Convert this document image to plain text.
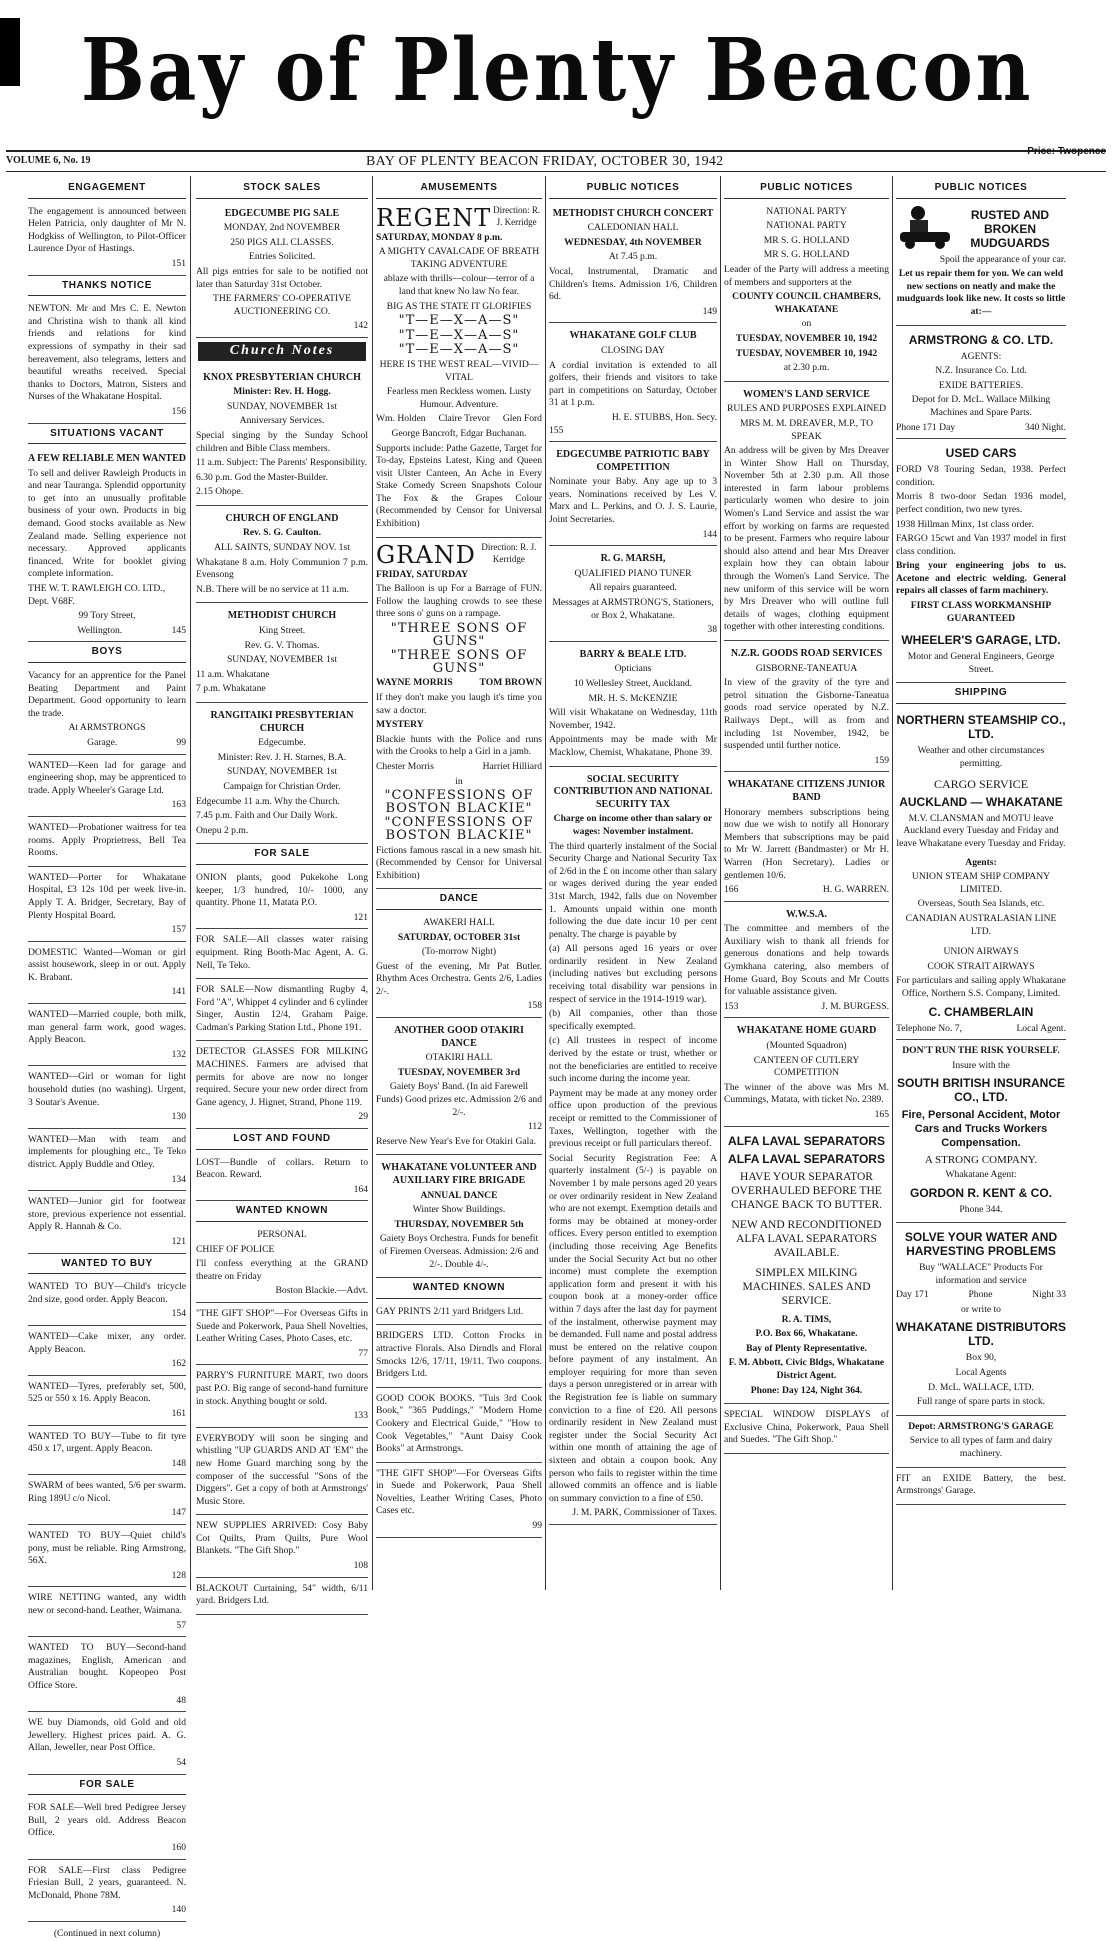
Bay of Plenty Beacon
VOLUME 6, No. 19	BAY OF PLENTY BEACON FRIDAY, OCTOBER 30, 1942
Price: Twopence
ENGAGEMENT

The engagement is announced between Helen Patricia, only daughter of Mr N. Hodgkiss of Wellington, to Pilot-Officer Laurence Dyor of Hastings.

151
THANKS NOTICE

NEWTON. Mr and Mrs C. E. Newton and Christina wish to thank all kind friends and relations for kind expressions of sympathy in their sad bereavement, also telegrams, letters and beautiful wreaths received. Special thanks to Doctors, Matron, Sisters and Nurses of the Whakatane Hospital.

156
SITUATIONS VACANT
A FEW RELIABLE MEN WANTED

To sell and deliver Rawleigh Products in and near Tauranga. Splendid opportunity to get into an unusually profitable business of your own. Products in big demand. Good stocks available as New Zealand made. Selling experience not necessary. Approved applicants financed. Write for booklet giving complete information.

THE W. T. RAWLEIGH CO. LTD., Dept. V68F.
99 Tory Street,
Wellington.	145
BOYS

Vacancy for an apprentice for the Panel Beating Department and Paint Department. Good opportunity to learn the trade.

At ARMSTRONGS
Garage.	99

WANTED—Keen lad for garage and engineering shop, may be apprenticed to trade. Apply Wheeler's Garage Ltd.

163

WANTED—Probationer waitress for tea rooms. Apply Proprietress, Bell Tea Rooms.

WANTED—Porter for Whakatane Hospital, £3 12s 10d per week live-in. Apply T. A. Bridger, Secretary, Bay of Plenty Hospital Board.

157

DOMESTIC Wanted—Woman or girl assist housework, sleep in or out. Apply K. Brabant.

141

WANTED—Married couple, both milk, man general farm work, good wages. Apply Beacon.

132

WANTED—Girl or woman for light household duties (no washing). Urgent, 3 Soutar's Avenue.

130

WANTED—Man with team and implements for ploughing etc., Te Teko district. Apply Buddle and Otley.

134

WANTED—Junior girl for footwear store, previous experience not essential. Apply R. Hannah & Co.

121
WANTED TO BUY

WANTED TO BUY—Child's tricycle 2nd size, good order. Apply Beacon.

154

WANTED—Cake mixer, any order. Apply Beacon.

162

WANTED—Tyres, preferably set, 500, 525 or 550 x 16. Apply Beacon.

161

WANTED TO BUY—Tube to fit tyre 450 x 17, urgent. Apply Beacon.

148

SWARM of bees wanted, 5/6 per swarm. Ring 189U c/o Nicol.

147

WANTED TO BUY—Quiet child's pony, must be reliable. Ring Armstrong, 56X.

128

WIRE NETTING wanted, any width new or second-hand. Leather, Waimana.

57

WANTED TO BUY—Second-hand magazines, English, American and Australian bought. Kopeopeo Post Office Store.

48

WE buy Diamonds, old Gold and old Jewellery. Highest prices paid. A. G. Allan, Jeweller, near Post Office.

54
FOR SALE

FOR SALE—Well bred Pedigree Jersey Bull, 2 years old. Address Beacon Office.

160

FOR SALE—First class Pedigree Friesian Bull, 2 years, guaranteed. N. McDonald, Phone 78M.

140
(Continued in next column)
STOCK SALES
EDGECUMBE PIG SALE
MONDAY, 2nd NOVEMBER
250 PIGS ALL CLASSES.
Entries Solicited.

All pigs entries for sale to be notified not later than Saturday 31st October.

THE FARMERS' CO-OPERATIVE AUCTIONEERING CO.
142
Church Notes
KNOX PRESBYTERIAN CHURCH
Minister: Rev. H. Hogg.
SUNDAY, NOVEMBER 1st
Anniversary Services.

Special singing by the Sunday School children and Bible Class members.

11 a.m. Subject: The Parents' Responsibility.

6.30 p.m. God the Master-Builder.

2.15 Ohope.

CHURCH OF ENGLAND
Rev. S. G. Caulton.
ALL SAINTS, SUNDAY NOV. 1st

Whakatane 8 a.m. Holy Communion 7 p.m. Evensong

N.B. There will be no service at 11 a.m.

METHODIST CHURCH
King Street.
Rev. G. V. Thomas.
SUNDAY, NOVEMBER 1st

11 a.m. Whakatane

7 p.m. Whakatane

RANGITAIKI PRESBYTERIAN CHURCH
Edgecumbe.
Minister: Rev. J. H. Starnes, B.A.
SUNDAY, NOVEMBER 1st
Campaign for Christian Order.

Edgecumbe 11 a.m. Why the Church.

7.45 p.m. Faith and Our Daily Work.

Onepu 2 p.m.

FOR SALE

ONION plants, good Pukekohe Long keeper, 1/3 hundred, 10/- 1000, any quantity. Phone 11, Matata P.O.

121

FOR SALE—All classes water raising equipment. Ring Booth-Mac Agent, A. G. Nell, Te Teko.

FOR SALE—Now dismantling Rugby 4, Ford "A", Whippet 4 cylinder and 6 cylinder Singer, Austin 12/4, Graham Paige. Cadman's Parking Station Ltd., Phone 191.

DETECTOR GLASSES FOR MILKING MACHINES. Farmers are advised that permits for above are now no longer required. Secure your new order direct from Gane agency, J. Hignet, Strand, Phone 119.

29
LOST AND FOUND

LOST—Bundle of collars. Return to Beacon. Reward.

164
WANTED KNOWN
PERSONAL
CHIEF OF POLICE

I'll confess everything at the GRAND theatre on Friday

Boston Blackie.—Advt.

"THE GIFT SHOP"—For Overseas Gifts in Suede and Pokerwork, Paua Shell Novelties, Leather Writing Cases, Photo Cases, etc.

77

PARRY'S FURNITURE MART, two doors past P.O. Big range of second-hand furniture in stock. Anything bought or sold.

133

EVERYBODY will soon be singing and whistling "UP GUARDS AND AT 'EM" the new Home Guard marching song by the composer of the successful "Sons of the Diggers". Get a copy of both at Armstrongs' Music Store.

NEW SUPPLIES ARRIVED: Cosy Baby Cot Quilts, Pram Quilts, Pure Wool Blankets. "The Gift Shop."

108

BLACKOUT Curtaining, 54" width, 6/11 yard. Bridgers Ltd.

AMUSEMENTS
REGENT Direction: R. J. Kerridge
SATURDAY, MONDAY 8 p.m.
A MIGHTY CAVALCADE OF BREATH TAKING ADVENTURE
ablaze with thrills—colour—terror of a land that knew No law No fear.
BIG AS THE STATE IT GLORIFIES
"T—E—X—A—S"
"T—E—X—A—S"
"T—E—X—A—S"
HERE IS THE WEST REAL—VIVID—VITAL
Fearless men Reckless women. Lusty Humour. Adventure.
Wm. Holden Claire Trevor Glen Ford
George Bancroft, Edgar Buchanan.

Supports include: Pathe Gazette, Target for To-day, Epsteins Latest, King and Queen visit Ulster Canteen, An Ache in Every Stake Comedy Screen Snapshots Colour The Fox & the Grapes Colour (Recommended by Censor for Universal Exhibition)

GRAND Direction: R. J. Kerridge
FRIDAY, SATURDAY

The Balloon is up For a Barrage of FUN. Follow the laughing crowds to see these three sons o' guns on a rampage.

"THREE SONS OF GUNS"
"THREE SONS OF GUNS"
WAYNE MORRIS	TOM BROWN

If they don't make you laugh it's time you saw a doctor.

MYSTERY

Blackie hunts with the Police and runs with the Crooks to help a Girl in a jamb.

Chester Morris	Harriet Hilliard
in
"CONFESSIONS OF BOSTON BLACKIE"
"CONFESSIONS OF BOSTON BLACKIE"

Fictions famous rascal in a new smash hit. (Recommended by Censor for Universal Exhibition)

DANCE
AWAKERI HALL
SATURDAY, OCTOBER 31st
(To-morrow Night)

Guest of the evening, Mr Pat Butler. Rhythm Aces Orchestra. Gents 2/6, Ladies 2/-.

158
ANOTHER GOOD OTAKIRI DANCE
OTAKIRI HALL
TUESDAY, NOVEMBER 3rd
Gaiety Boys' Band. (In aid Farewell Funds) Good prizes etc. Admission 2/6 and 2/-.
112

Reserve New Year's Eve for Otakiri Gala.

WHAKATANE VOLUNTEER AND AUXILIARY FIRE BRIGADE
ANNUAL DANCE
Winter Show Buildings.
THURSDAY, NOVEMBER 5th
Gaiety Boys Orchestra. Funds for benefit of Firemen Overseas. Admission: 2/6 and 2/-. Double 4/-.
WANTED KNOWN

GAY PRINTS 2/11 yard Bridgers Ltd.

BRIDGERS LTD. Cotton Frocks in attractive Florals. Also Dirndls and Floral Smocks 12/6, 17/11, 19/11. Two coupons. Bridgers Ltd.

GOOD COOK BOOKS. "Tuis 3rd Cook Book," "365 Puddings," "Modern Home Cookery and Electrical Guide," "How to Cook Vegetables," "Aunt Daisy Cook Books" at Armstrongs.

"THE GIFT SHOP"—For Overseas Gifts in Suede and Pokerwork, Paua Shell Novelties, Leather Writing Cases, Photo Cases etc.

99
PUBLIC NOTICES
METHODIST CHURCH CONCERT
CALEDONIAN HALL
WEDNESDAY, 4th NOVEMBER
At 7.45 p.m.

Vocal, Instrumental, Dramatic and Children's Items. Admission 1/6, Children 6d.

149
WHAKATANE GOLF CLUB
CLOSING DAY

A cordial invitation is extended to all golfers, their friends and visitors to take part in competitions on Saturday, October 31 at 1 p.m.

H. E. STUBBS, Hon. Secy.
155
EDGECUMBE PATRIOTIC BABY COMPETITION

Nominate your Baby. Any age up to 3 years. Nominations received by Les V. Marx and L. Perkins, and O. J. S. Laurie, Joint Secretaries.

144
R. G. MARSH,
QUALIFIED PIANO TUNER
All repairs guaranteed.
Messages at ARMSTRONG'S, Stationers, or Box 2, Whakatane.
38
BARRY & BEALE LTD.
Opticians
10 Wellesley Street, Auckland.
MR. H. S. McKENZIE

Will visit Whakatane on Wednesday, 11th November, 1942.

Appointments may be made with Mr Macklow, Chemist, Whakatane, Phone 39.

SOCIAL SECURITY CONTRIBUTION AND NATIONAL SECURITY TAX
Charge on income other than salary or wages: November instalment.

The third quarterly instalment of the Social Security Charge and National Security Tax of 2/6d in the £ on income other than salary or wages derived during the year ended 31st March, 1942, falls due on November 1. Amounts unpaid within one month following the due date incur 10 per cent penalty. The charge is payable by

(a) All persons aged 16 years or over ordinarily resident in New Zealand (including natives but excluding persons receiving total disability war pensions in respect of service in the 1914-1919 war).

(b) All companies, other than those specifically exempted.

(c) All trustees in respect of income derived by the estate or trust, whether or not the beneficiaries are entitled to receive such income during the income year.

Payment may be made at any money order office upon production of the previous receipt or remitted to the Commissioner of Taxes, Wellington, together with the previous receipt or full particulars thereof.

Social Security Registration Fee: A quarterly instalment (5/-) is payable on November 1 by male persons aged 20 years or over ordinarily resident in New Zealand who are not exempt. Exemption details and forms may be obtained at money-order offices. Every person entitled to exemption (including those receiving Age Benefits under the Social Security Act but no other income) must complete the exemption application form and present it with his coupon book at a money-order office within 7 days after the last day for payment of the instalment, otherwise payment may be demanded. Full name and postal address must be entered on the relative coupon before payment of any instalment. An employer requiring for more than seven days a person unregistered or in arrear with the Registration fee is liable on summary conviction to a fine of £20. All persons ordinarily resident in New Zealand must register under the Social Security Act within one month of attaining the age of sixteen and obtain a coupon book. Any person who fails to register within the time allowed commits an offence and is liable on summary conviction to a fine of £50.

J. M. PARK, Commissioner of Taxes.
PUBLIC NOTICES
NATIONAL PARTY
NATIONAL PARTY
MR S. G. HOLLAND
MR S. G. HOLLAND

Leader of the Party will address a meeting of members and supporters at the

COUNTY COUNCIL CHAMBERS, WHAKATANE
on
TUESDAY, NOVEMBER 10, 1942
TUESDAY, NOVEMBER 10, 1942
at 2.30 p.m.
WOMEN'S LAND SERVICE
RULES AND PURPOSES EXPLAINED
MRS M. M. DREAVER, M.P., TO SPEAK

An address will be given by Mrs Dreaver in Winter Show Hall on Thursday, November 5th at 2.30 p.m. All those interested in farm labour problems particularly women who desire to join Women's Land Service and assist the war effort by working on farms are requested to be present. Farmers who require labour should also attend and hear Mrs Dreaver explain how they can obtain labour through the Women's Land Service. The new uniform of this service will be worn by Mrs Dreaver who will outline full details of wages, clothing equipment together with other interesting conditions.

N.Z.R. GOODS ROAD SERVICES
GISBORNE-TANEATUA

In view of the gravity of the tyre and petrol situation the Gisborne-Taneatua goods road service operated by N.Z. Railways Dept., will as from and including 1st November, 1942, be suspended until further notice.

159
WHAKATANE CITIZENS JUNIOR BAND

Honorary members subscriptions being now due we wish to notify all Honorary Members that subscriptions may be paid to Mr W. Jarrett (Bandmaster) or Mr H. Warren (Hon Secretary). Ladies or gentlemen 10/6.

166	H. G. WARREN.
W.W.S.A.

The committee and members of the Auxiliary wish to thank all friends for generous donations and help towards Gymkhana catering, also members of Home Guard, Boy Scouts and Mr Coutts for valuable assistance given.

153	J. M. BURGESS.
WHAKATANE HOME GUARD
(Mounted Squadron)
CANTEEN OF CUTLERY COMPETITION

The winner of the above was Mrs M. Cummings, Matata, with ticket No. 2389.

165
ALFA LAVAL SEPARATORS
ALFA LAVAL SEPARATORS
HAVE YOUR SEPARATOR OVERHAULED BEFORE THE CHANGE BACK TO BUTTER.
NEW AND RECONDITIONED ALFA LAVAL SEPARATORS AVAILABLE.
SIMPLEX MILKING MACHINES. SALES AND SERVICE.
R. A. TIMS,
P.O. Box 66, Whakatane.
Bay of Plenty Representative.
F. M. Abbott, Civic Bldgs, Whakatane District Agent.
Phone: Day 124, Night 364.

SPECIAL WINDOW DISPLAYS of Exclusive China, Pokerwork, Paua Shell and Suedes. "The Gift Shop."

PUBLIC NOTICES
RUSTED AND BROKEN MUDGUARDS
Spoil the appearance of your car.
Let us repair them for you. We can weld new sections on neatly and make the mudguards look like new. It costs so little at:—
ARMSTRONG & CO. LTD.
AGENTS:
N.Z. Insurance Co. Ltd.
EXIDE BATTERIES.
Depot for D. McL. Wallace Milking Machines and Spare Parts.
Phone 171 Day	340 Night.
USED CARS

FORD V8 Touring Sedan, 1938. Perfect condition.

Morris 8 two-door Sedan 1936 model, perfect condition, two new tyres.

1938 Hillman Minx, 1st class order.

FARGO 15cwt and Van 1937 model in first class condition.

Bring your engineering jobs to us. Acetone and electric welding. General repairs all classes of farm machinery.

FIRST CLASS WORKMANSHIP GUARANTEED
WHEELER'S GARAGE, LTD.
Motor and General Engineers, George Street.
SHIPPING
NORTHERN STEAMSHIP CO., LTD.
Weather and other circumstances permitting.
CARGO SERVICE
AUCKLAND — WHAKATANE
M.V. CLANSMAN and MOTU leave Auckland every Tuesday and Friday and leave Whakatane every Tuesday and Friday.
Agents:
UNION STEAM SHIP COMPANY LIMITED.
Overseas, South Sea Islands, etc.
CANADIAN AUSTRALASIAN LINE LTD.
UNION AIRWAYS
COOK STRAIT AIRWAYS
For particulars and sailing apply Whakatane Office, Northern S.S. Company, Limited.
C. CHAMBERLAIN
Telephone No. 7,	Local Agent.
DON'T RUN THE RISK YOURSELF.
Insure with the
SOUTH BRITISH INSURANCE CO., LTD.
Fire, Personal Accident, Motor Cars and Trucks Workers Compensation.
A STRONG COMPANY.
Whakatane Agent:
GORDON R. KENT & CO.
Phone 344.
SOLVE YOUR WATER AND HARVESTING PROBLEMS
Buy "WALLACE" Products For information and service
Day 171	Phone	Night 33
or write to
WHAKATANE DISTRIBUTORS LTD.
Box 90,
Local Agents
D. McL. WALLACE, LTD.
Full range of spare parts in stock.
Depot: ARMSTRONG'S GARAGE
Service to all types of farm and dairy machinery.

FIT an EXIDE Battery, the best. Armstrongs' Garage.
